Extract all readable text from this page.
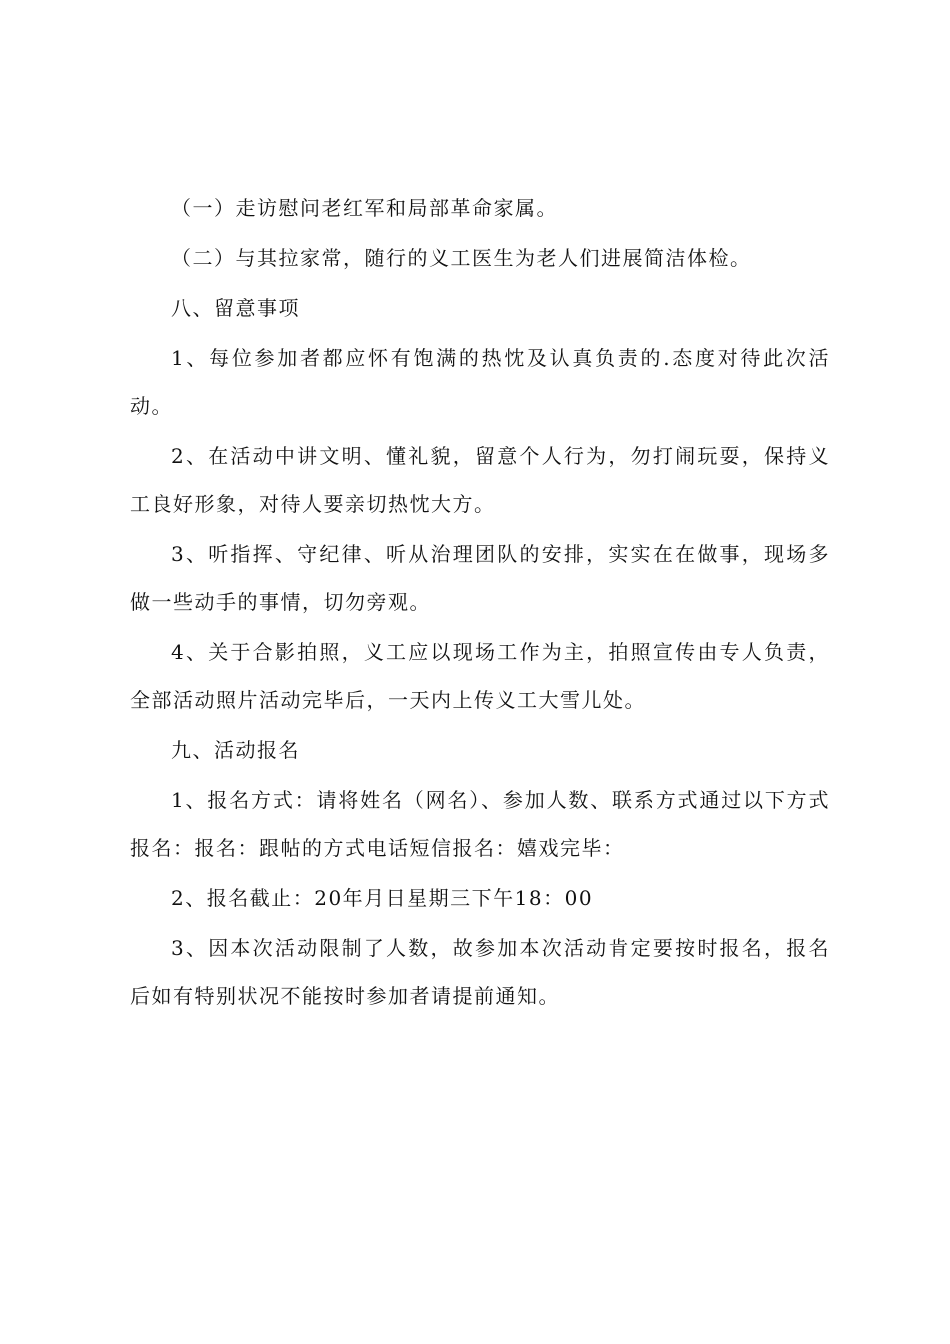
（一）走访慰问老红军和局部革命家属。

（二）与其拉家常，随行的义工医生为老人们进展简洁体检。

八、留意事项

1、每位参加者都应怀有饱满的热忱及认真负责的.态度对待此次活动。

2、在活动中讲文明、懂礼貌，留意个人行为，勿打闹玩耍，保持义工良好形象，对待人要亲切热忱大方。

3、听指挥、守纪律、听从治理团队的安排，实实在在做事，现场多做一些动手的事情，切勿旁观。

4、关于合影拍照，义工应以现场工作为主，拍照宣传由专人负责，全部活动照片活动完毕后，一天内上传义工大雪儿处。

九、活动报名

1、报名方式：请将姓名（网名）、参加人数、联系方式通过以下方式报名：报名：跟帖的方式电话短信报名：嬉戏完毕：

2、报名截止：20年月日星期三下午18：00

3、因本次活动限制了人数，故参加本次活动肯定要按时报名，报名后如有特别状况不能按时参加者请提前通知。
